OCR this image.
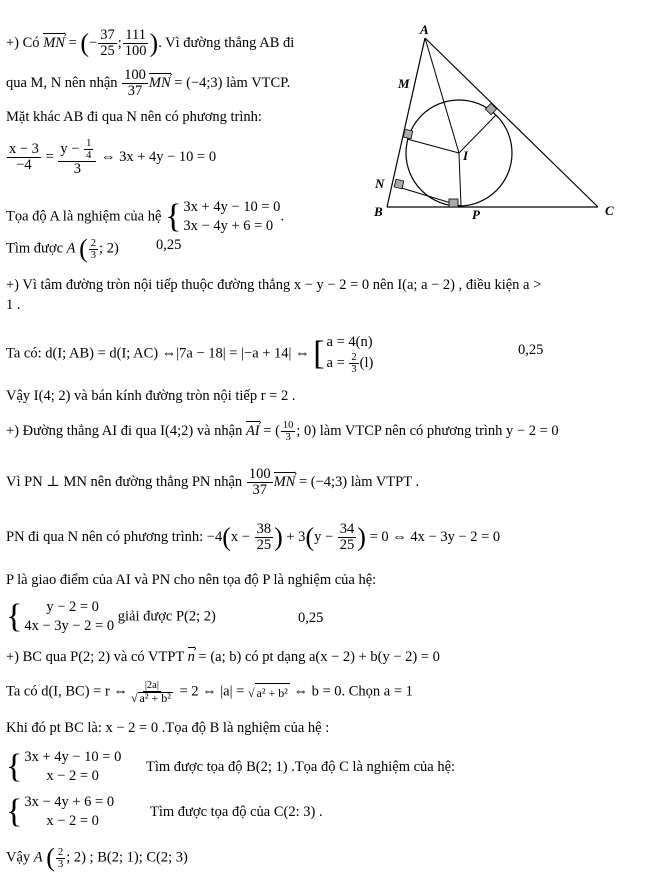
A
M
I
N
B	P	C
+) Có MN › = (− $\frac{37}{25}$ ; $\frac{111}{100}$ ). Vì đường thẳng AB đi
qua M, N nên nhận $\frac{100}{37}$ MN › = (−4;3) làm VTCP.
Mặt khác AB đi qua N nên có phương trình:
$\frac{x - 3}{-4} = \frac{y - \frac{1}{4}}{3}$ ⇔ 3x + 4y − 10 = 0
Tọa độ A là nghiệm của hệ { 3x + 4y − 10 = 0
3x − 4y + 6 = 0
.
Tìm được A ( $\frac{2}{3}$ ; 2)	0,25
+) Vì tâm đường tròn nội tiếp thuộc đường thẳng x − y − 2 = 0 nên I(a; a − 2) , điều kiện a >
1 .
Ta có: d(I; AB) = d(I; AC) ⇔|7a − 18| = |−a + 14| ⇔ [ a = 4(n)
$a = \frac{2}{3} (l)$
0,25
Vậy I(4; 2) và bán kính đường tròn nội tiếp r = 2 .
+) Đường thẳng AI đi qua I(4;2) và nhận AI › = ( $\frac{10}{3}$ ; 0) làm VTCP nên có phương trình y − 2 = 0
Vì PN ⊥ MN nên đường thẳng PN nhận $\frac{100}{37}$ MN › = (−4;3) làm VTPT .
PN đi qua N nên có phương trình: $-4(x - \frac{38}{25}$ ) + $3(y - \frac{34}{25}$ ) = 0 ⇔ 4x − 3y − 2 = 0
P là giao điểm của AI và PN cho nên tọa độ P là nghiệm của hệ:
{	y − 2 = 0
4x − 3y − 2 = 0
giải được P(2; 2)	0,25
+) BC qua P(2; 2) và có VTPT n › = (a; b) có pt dạng a(x − 2) + b(y − 2) = 0
Ta có d(I, BC) = r ⇔ $\frac{|2a|}{\text{√ a² + b²}} = 2$ ⇔ |a| = √ a² + b² ⇔ b = 0. Chọn a = 1
Khi đó pt BC là: x − 2 = 0 .Tọa độ B là nghiệm của hệ :
{ 3x + 4y − 10 = 0
x − 2 = 0
Tìm được tọa độ B(2; 1) .Tọa độ C là nghiệm của hệ:
{ 3x − 4y + 6 = 0
x − 2 = 0
Tìm được tọa độ của C(2: 3) .
Vậy A ( $\frac{2}{3}$ ; 2) ; B(2; 1); C(2; 3)
